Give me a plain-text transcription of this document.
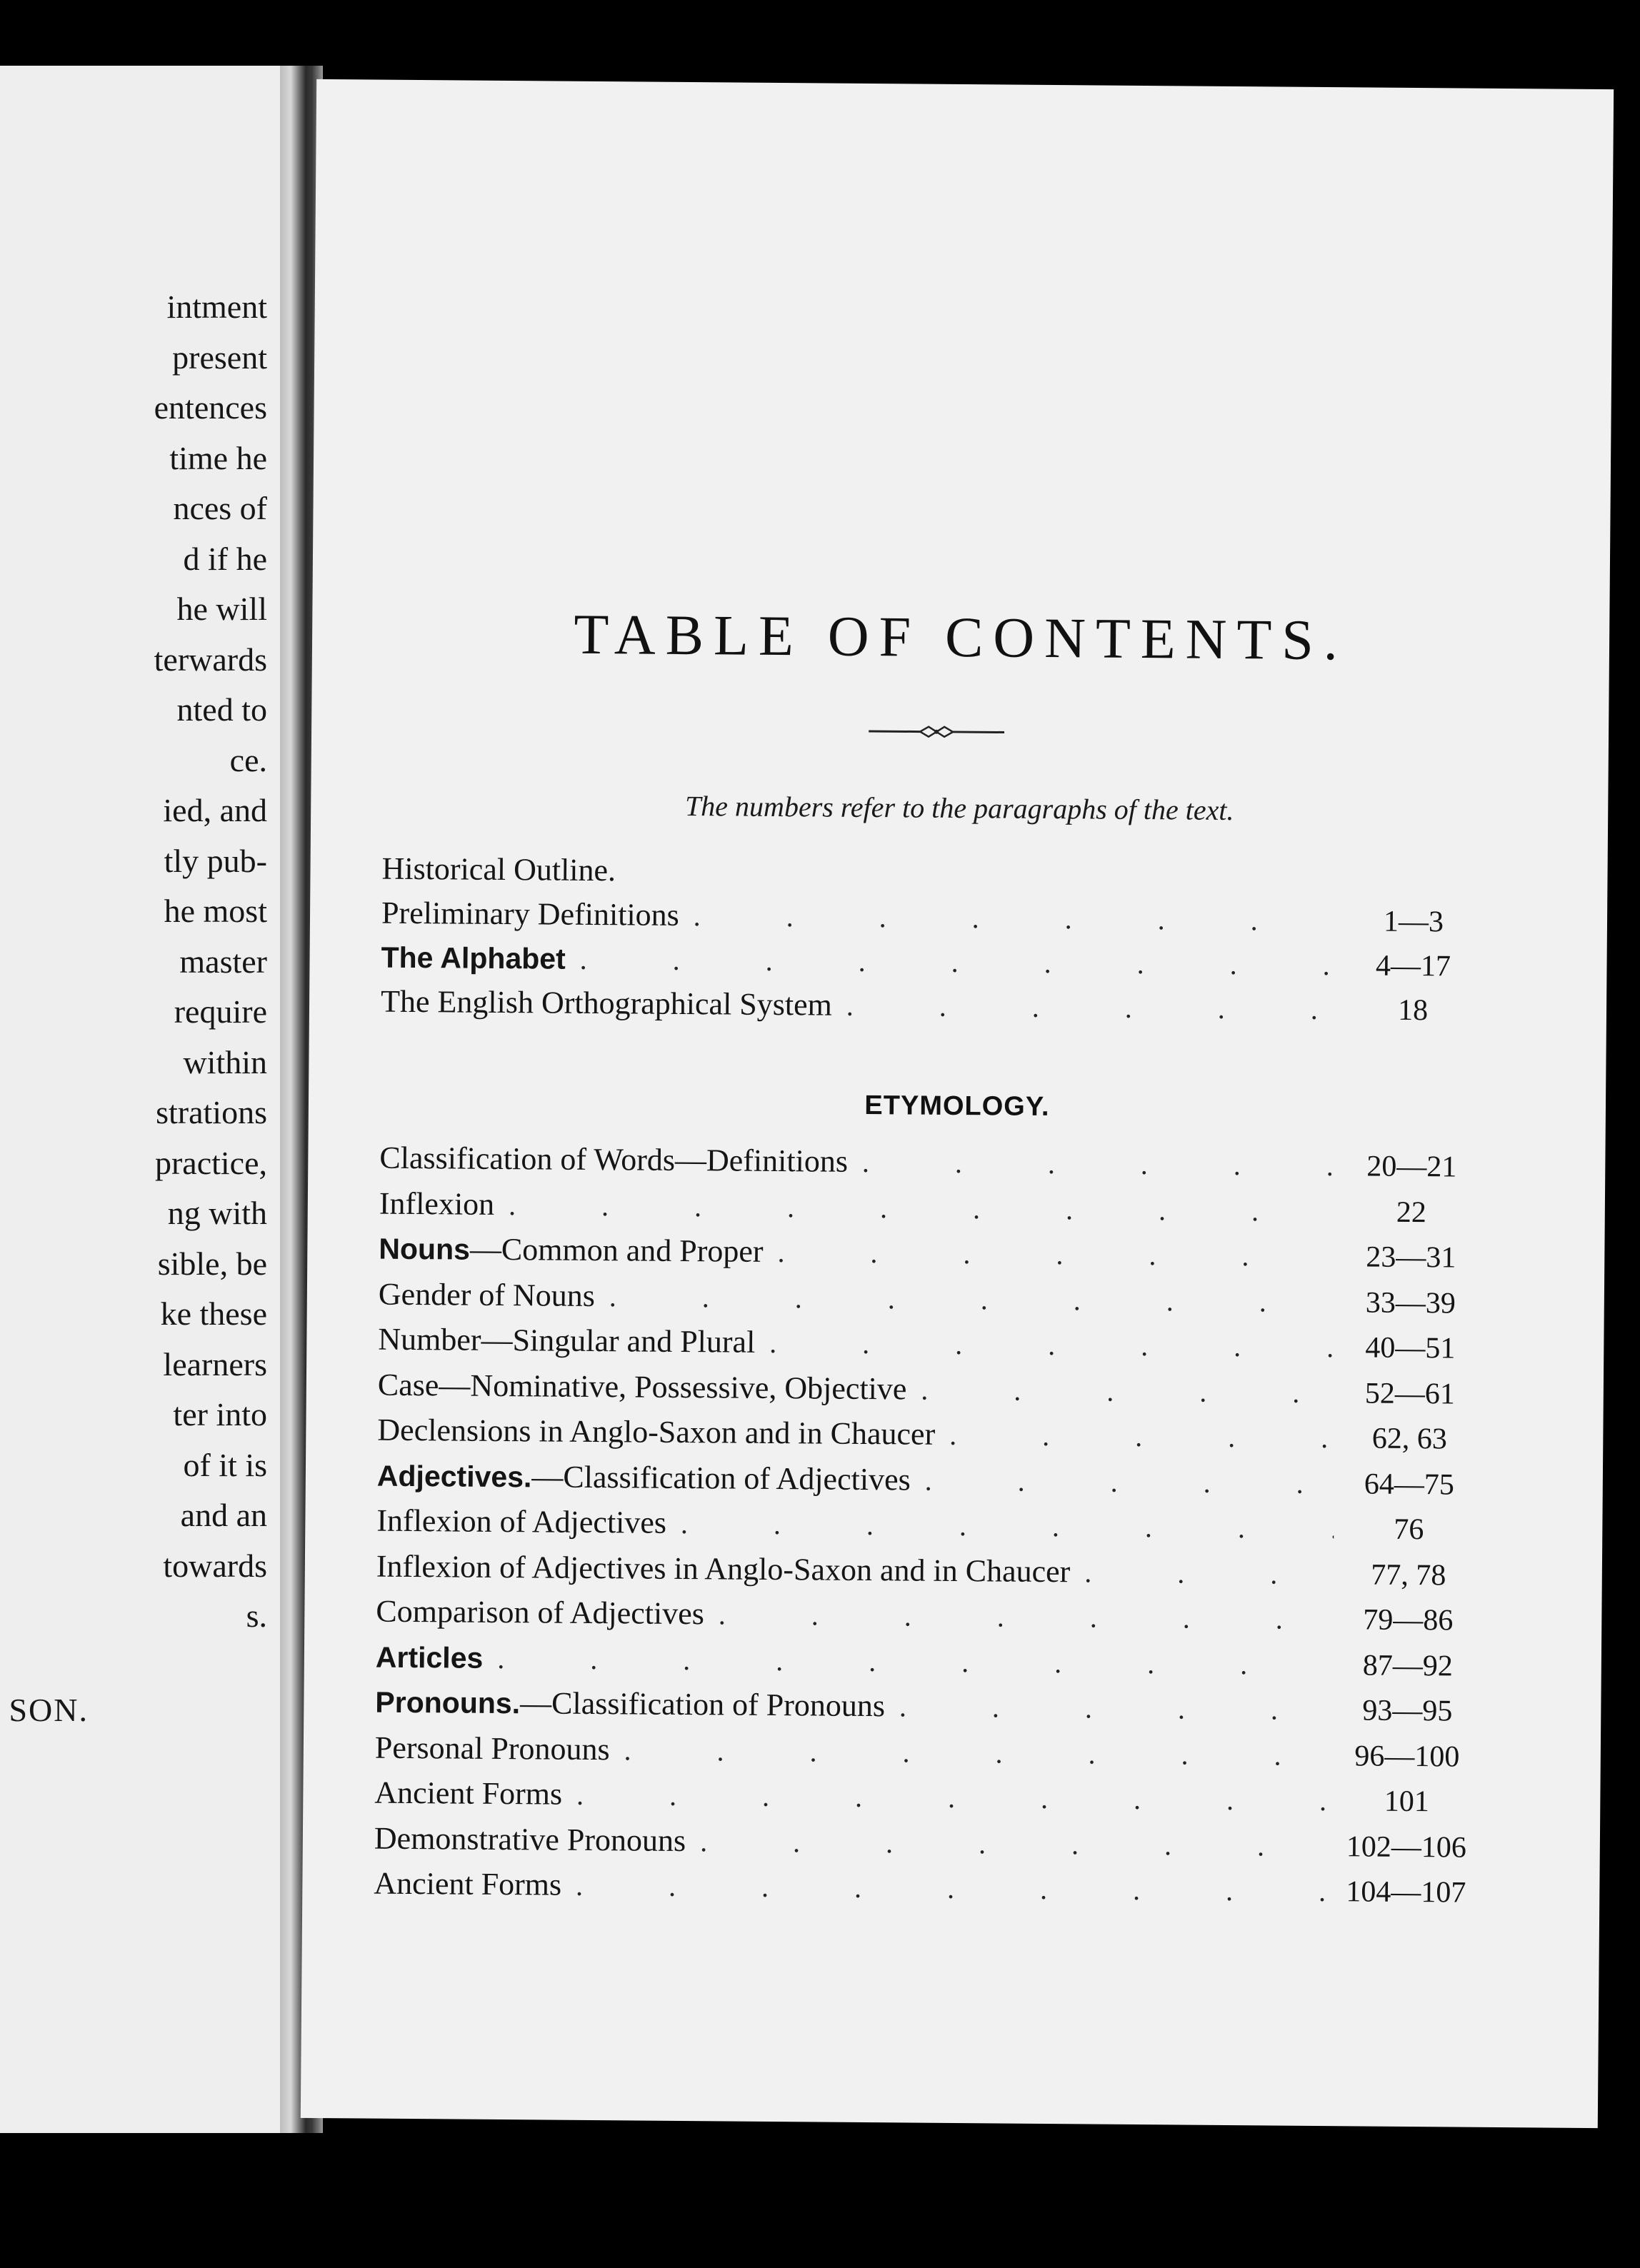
intment
present
entences
time he
nces of
d if he
he will
terwards
nted to
ce.
ied, and
tly pub-
he most
master
require
within
strations
practice,
ng with
sible, be
ke these
learners
ter into
of it is
and an
towards
s.
SON.
TABLE OF CONTENTS.
The numbers refer to the paragraphs of the text.
Historical Outline.
Preliminary Definitions .	1—3
The Alphabet .	4—17
The English Orthographical System .	18
ETYMOLOGY.
Classification of Words—Definitions .	20—21
Inflexion .	22
Nouns—Common and Proper .	23—31
Gender of Nouns .	33—39
Number—Singular and Plural .	40—51
Case—Nominative, Possessive, Objective .	52—61
Declensions in Anglo-Saxon and in Chaucer .	62, 63
Adjectives.—Classification of Adjectives .	64—75
Inflexion of Adjectives .	76
Inflexion of Adjectives in Anglo-Saxon and in Chaucer .	77, 78
Comparison of Adjectives .	79—86
Articles .	87—92
Pronouns.—Classification of Pronouns .	93—95
Personal Pronouns .	96—100
Ancient Forms .	101
Demonstrative Pronouns .	102—106
Ancient Forms .	104—107
